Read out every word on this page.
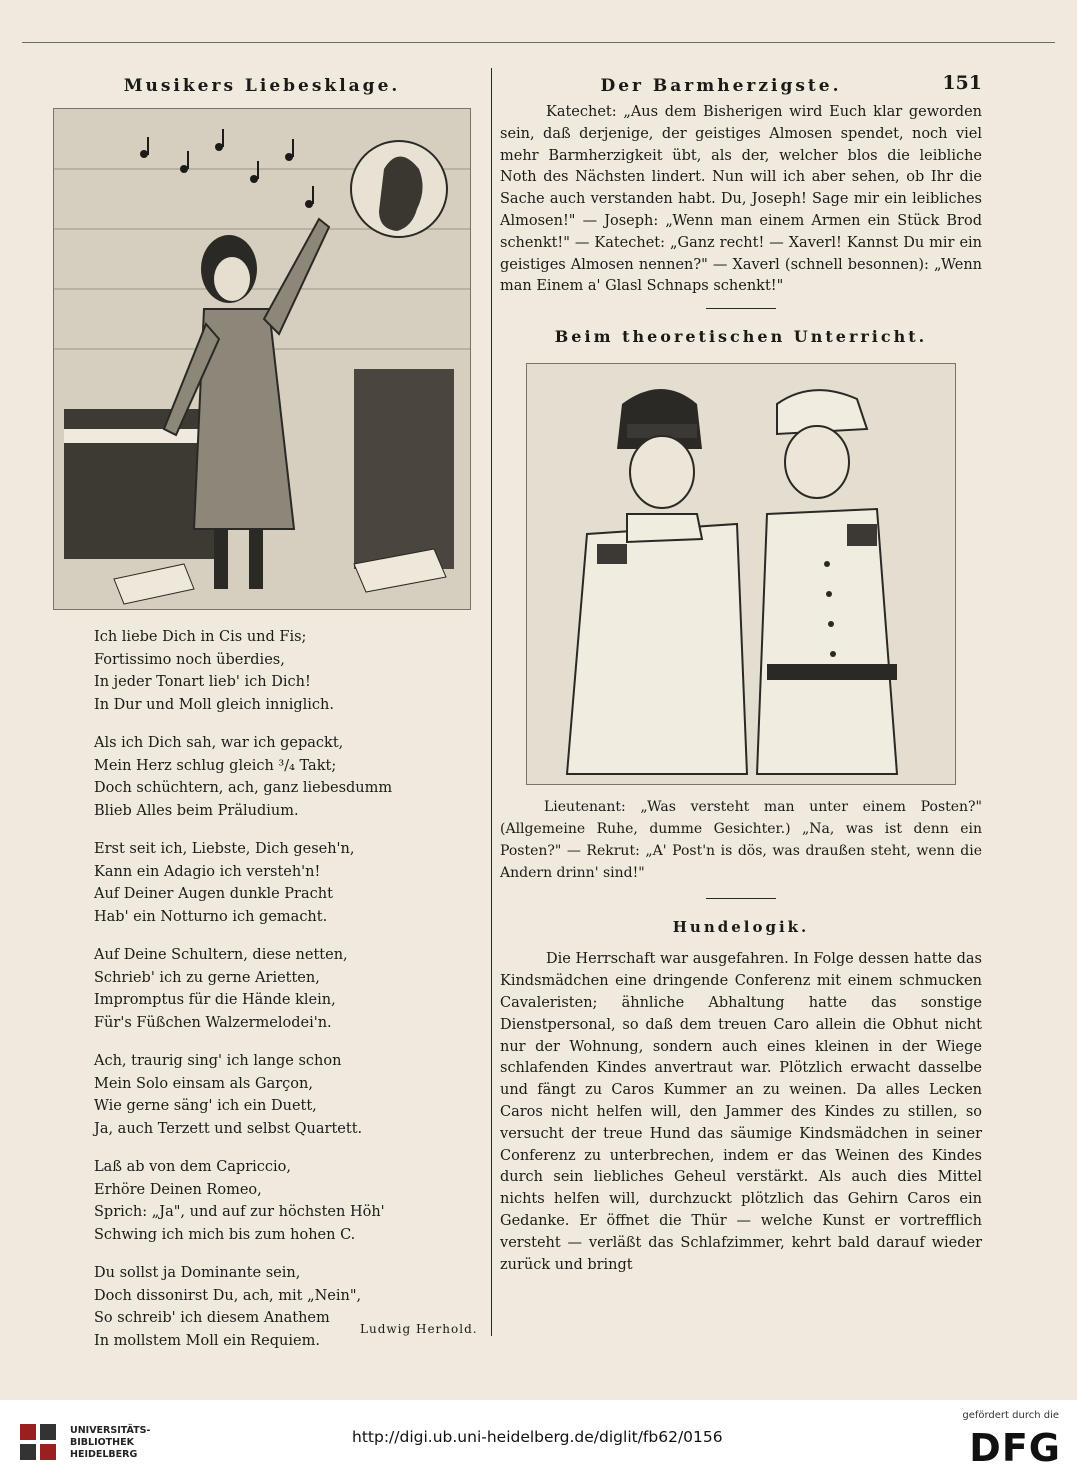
Musikers Liebesklage.

Ich liebe Dich in Cis und Fis;

Fortissimo noch überdies,

In jeder Tonart lieb' ich Dich!

In Dur und Moll gleich inniglich.

Als ich Dich sah, war ich gepackt,

Mein Herz schlug gleich ³/₄ Takt;

Doch schüchtern, ach, ganz liebesdumm

Blieb Alles beim Präludium.

Erst seit ich, Liebste, Dich geseh'n,

Kann ein Adagio ich versteh'n!

Auf Deiner Augen dunkle Pracht

Hab' ein Notturno ich gemacht.

Auf Deine Schultern, diese netten,

Schrieb' ich zu gerne Arietten,

Impromptus für die Hände klein,

Für's Füßchen Walzermelodei'n.

Ach, traurig sing' ich lange schon

Mein Solo einsam als Garçon,

Wie gerne säng' ich ein Duett,

Ja, auch Terzett und selbst Quartett.

Laß ab von dem Capriccio,

Erhöre Deinen Romeo,

Sprich: „Ja", und auf zur höchsten Höh'

Schwing ich mich bis zum hohen C.

Du sollst ja Dominante sein,

Doch dissonirst Du, ach, mit „Nein",

So schreib' ich diesem Anathem

In mollstem Moll ein Requiem.

Ludwig Herhold.
Der Barmherzigste.	151

Katechet: „Aus dem Bisherigen wird Euch klar geworden sein, daß derjenige, der geistiges Almosen spendet, noch viel mehr Barmherzigkeit übt, als der, welcher blos die leibliche Noth des Nächsten lindert. Nun will ich aber sehen, ob Ihr die Sache auch verstanden habt. Du, Joseph! Sage mir ein leibliches Almosen!" — Joseph: „Wenn man einem Armen ein Stück Brod schenkt!" — Katechet: „Ganz recht! — Xaverl! Kannst Du mir ein geistiges Almosen nennen?" — Xaverl (schnell besonnen): „Wenn man Einem a' Glasl Schnaps schenkt!"

Beim theoretischen Unterricht.

Lieutenant: „Was versteht man unter einem Posten?" (Allgemeine Ruhe, dumme Gesichter.) „Na, was ist denn ein Posten?" — Rekrut: „A' Post'n is dös, was draußen steht, wenn die Andern drinn' sind!"

Hundelogik.

Die Herrschaft war ausgefahren. In Folge dessen hatte das Kindsmädchen eine dringende Conferenz mit einem schmucken Cavaleristen; ähnliche Abhaltung hatte das sonstige Dienstpersonal, so daß dem treuen Caro allein die Obhut nicht nur der Wohnung, sondern auch eines kleinen in der Wiege schlafenden Kindes anvertraut war. Plötzlich erwacht dasselbe und fängt zu Caros Kummer an zu weinen. Da alles Lecken Caros nicht helfen will, den Jammer des Kindes zu stillen, so versucht der treue Hund das säumige Kindsmädchen in seiner Conferenz zu unterbrechen, indem er das Weinen des Kindes durch sein liebliches Geheul verstärkt. Als auch dies Mittel nichts helfen will, durchzuckt plötzlich das Gehirn Caros ein Gedanke. Er öffnet die Thür — welche Kunst er vortrefflich versteht — verläßt das Schlafzimmer, kehrt bald darauf wieder zurück und bringt

UNIVERSITÄTS-
BIBLIOTHEK
HEIDELBERG
http://digi.ub.uni-heidelberg.de/diglit/fb62/0156
gefördert durch die
DFG
